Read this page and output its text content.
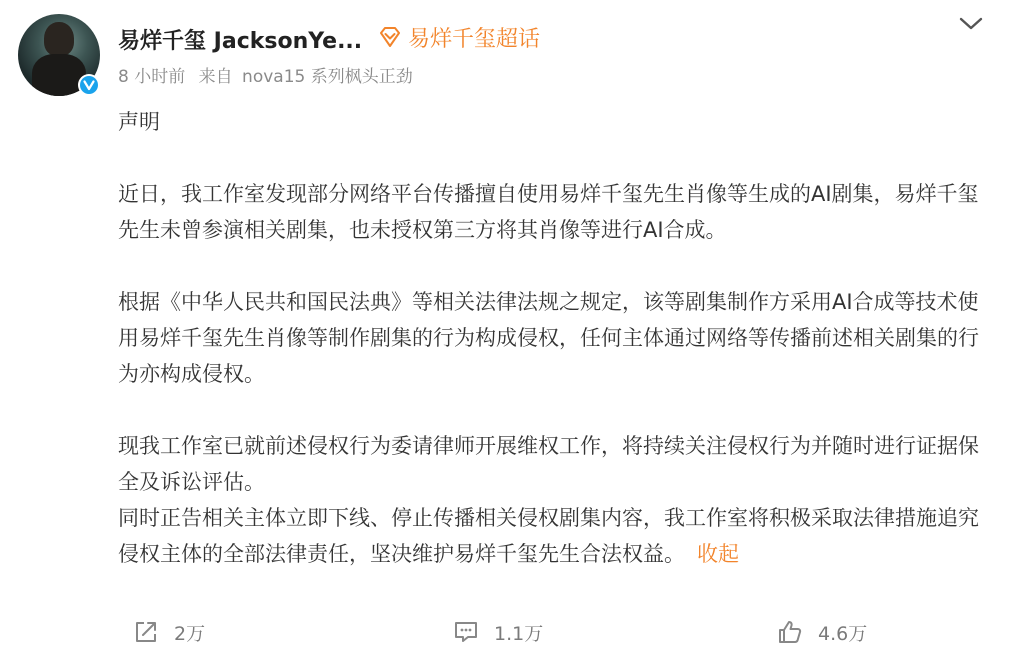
易烊千玺 JacksonYe... 易烊千玺超话
8 小时前 来自 nova15 系列枫头正劲

声明

近日，我工作室发现部分网络平台传播擅自使用易烊千玺先生肖像等生成的AI剧集，易烊千玺先生未曾参演相关剧集，也未授权第三方将其肖像等进行AI合成。

根据《中华人民共和国民法典》等相关法律法规之规定，该等剧集制作方采用AI合成等技术使用易烊千玺先生肖像等制作剧集的行为构成侵权，任何主体通过网络等传播前述相关剧集的行为亦构成侵权。

现我工作室已就前述侵权行为委请律师开展维权工作，将持续关注侵权行为并随时进行证据保全及诉讼评估。

同时正告相关主体立即下线、停止传播相关侵权剧集内容，我工作室将积极采取法律措施追究侵权主体的全部法律责任，坚决维护易烊千玺先生合法权益。 收起

2万	1.1万	4.6万
